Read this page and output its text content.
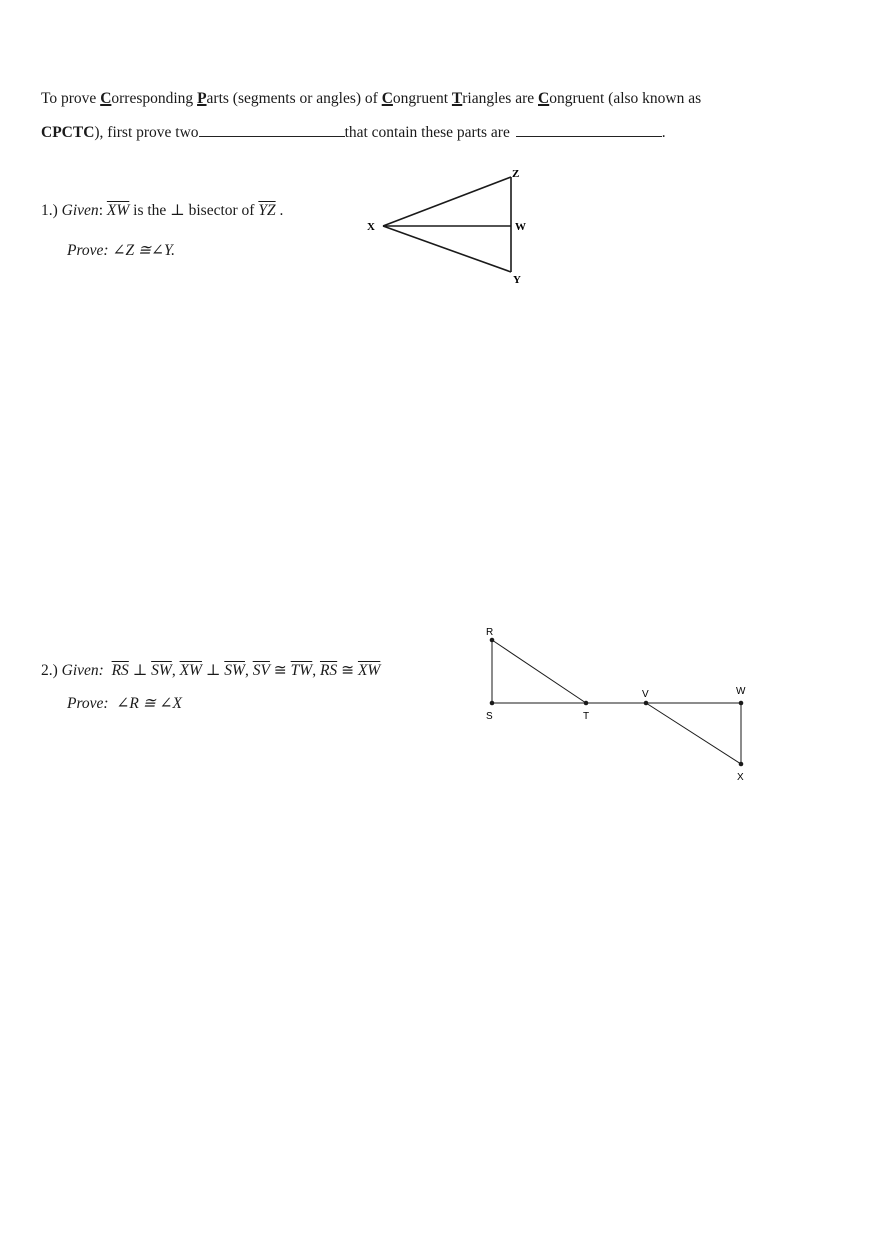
To prove Corresponding Parts (segments or angles) of Congruent Triangles are Congruent (also known as
CPCTC), first prove two	that contain these parts are	.
1.) Given: $\overline{XW}$ is the ⊥ bisector of $\overline{YZ}$ .
Prove: ∠Z ≅∠Y.
2.) Given: $\overline{RS}$ ⊥ $\overline{SW}$, $\overline{XW}$ ⊥ $\overline{SW}$, $\overline{SV}$ ≅ $\overline{TW}$, $\overline{RS}$ ≅ $\overline{XW}$
Prove: ∠R ≅ ∠X
Z
X	W
Y
R
S	T
V	W
X
